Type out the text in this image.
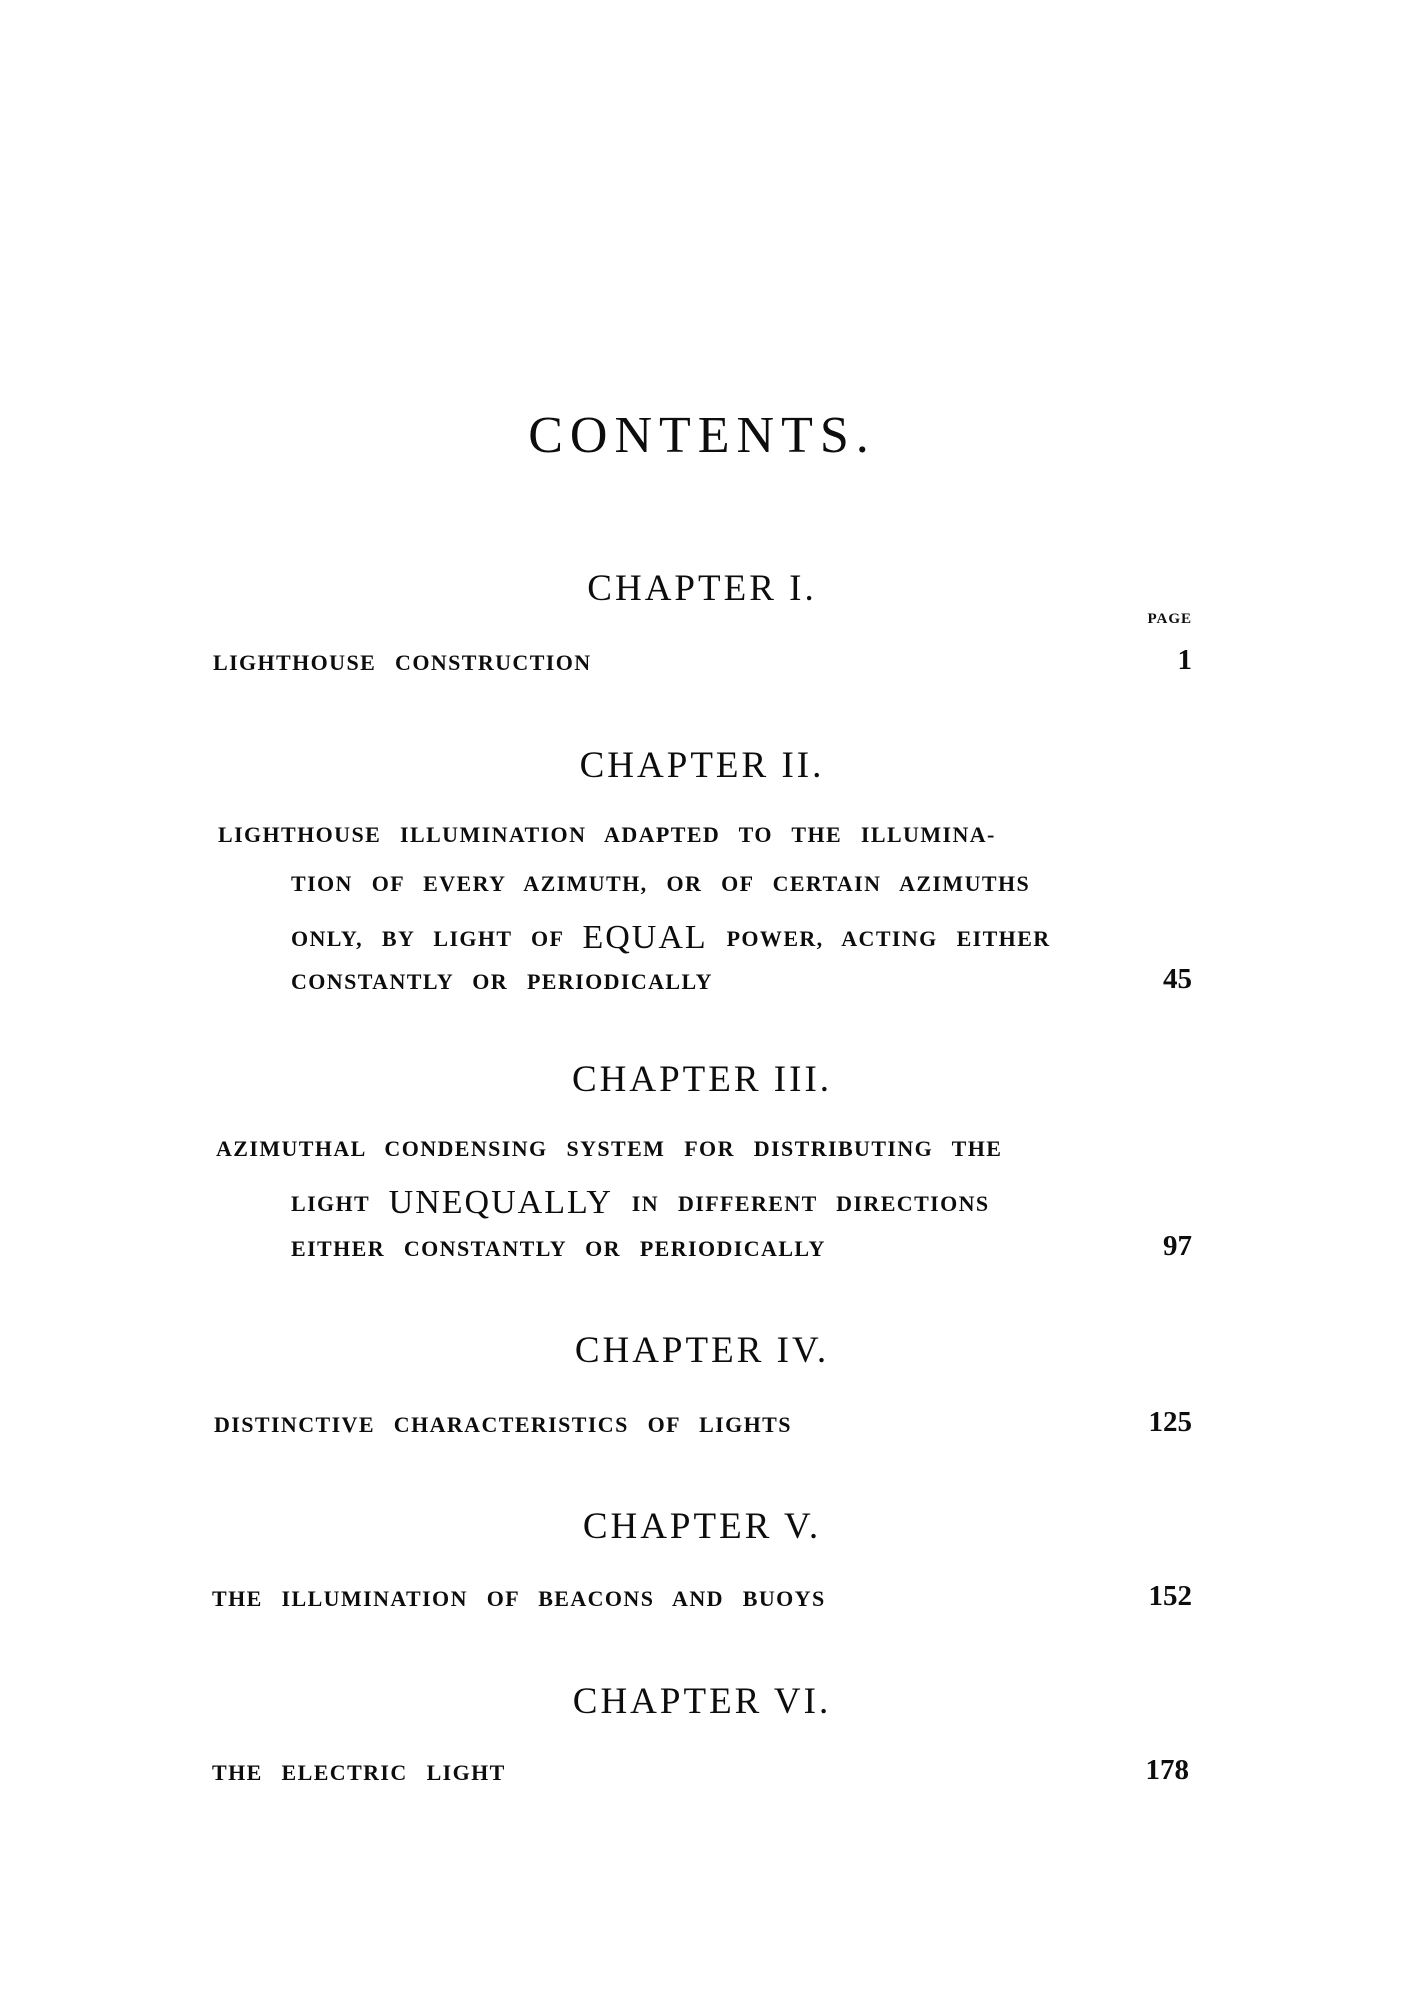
CONTENTS.
PAGE
CHAPTER I.
LIGHTHOUSE CONSTRUCTION	1
CHAPTER II.
LIGHTHOUSE ILLUMINATION ADAPTED TO THE ILLUMINA-
TION OF EVERY AZIMUTH, OR OF CERTAIN AZIMUTHS
ONLY, BY LIGHT OF EQUAL POWER, ACTING EITHER
CONSTANTLY OR PERIODICALLY	45
CHAPTER III.
AZIMUTHAL CONDENSING SYSTEM FOR DISTRIBUTING THE
LIGHT UNEQUALLY IN DIFFERENT DIRECTIONS
EITHER CONSTANTLY OR PERIODICALLY	97
CHAPTER IV.
DISTINCTIVE CHARACTERISTICS OF LIGHTS	125
CHAPTER V.
THE ILLUMINATION OF BEACONS AND BUOYS	152
CHAPTER VI.
THE ELECTRIC LIGHT	178
